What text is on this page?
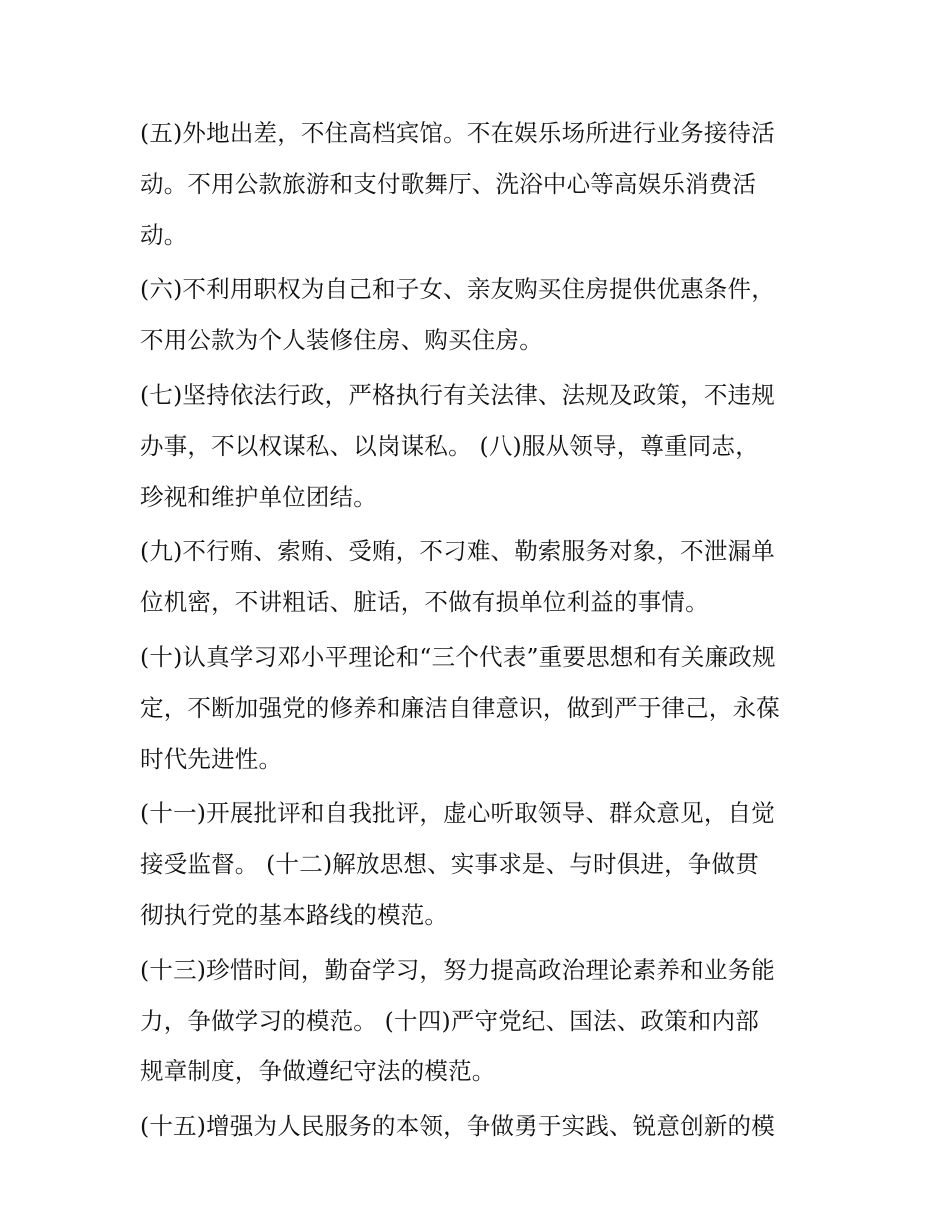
(五)外地出差，不住高档宾馆。不在娱乐场所进行业务接待活
动。不用公款旅游和支付歌舞厅、洗浴中心等高娱乐消费活
动。

(六)不利用职权为自己和子女、亲友购买住房提供优惠条件，
不用公款为个人装修住房、购买住房。

(七)坚持依法行政，严格执行有关法律、法规及政策，不违规
办事，不以权谋私、以岗谋私。 (八)服从领导，尊重同志，
珍视和维护单位团结。

(九)不行贿、索贿、受贿，不刁难、勒索服务对象，不泄漏单
位机密，不讲粗话、脏话，不做有损单位利益的事情。

(十)认真学习邓小平理论和“三个代表”重要思想和有关廉政规
定，不断加强党的修养和廉洁自律意识，做到严于律己，永葆
时代先进性。

(十一)开展批评和自我批评，虚心听取领导、群众意见，自觉
接受监督。 (十二)解放思想、实事求是、与时俱进，争做贯
彻执行党的基本路线的模范。

(十三)珍惜时间，勤奋学习，努力提高政治理论素养和业务能
力，争做学习的模范。 (十四)严守党纪、国法、政策和内部
规章制度，争做遵纪守法的模范。

(十五)增强为人民服务的本领，争做勇于实践、锐意创新的模
